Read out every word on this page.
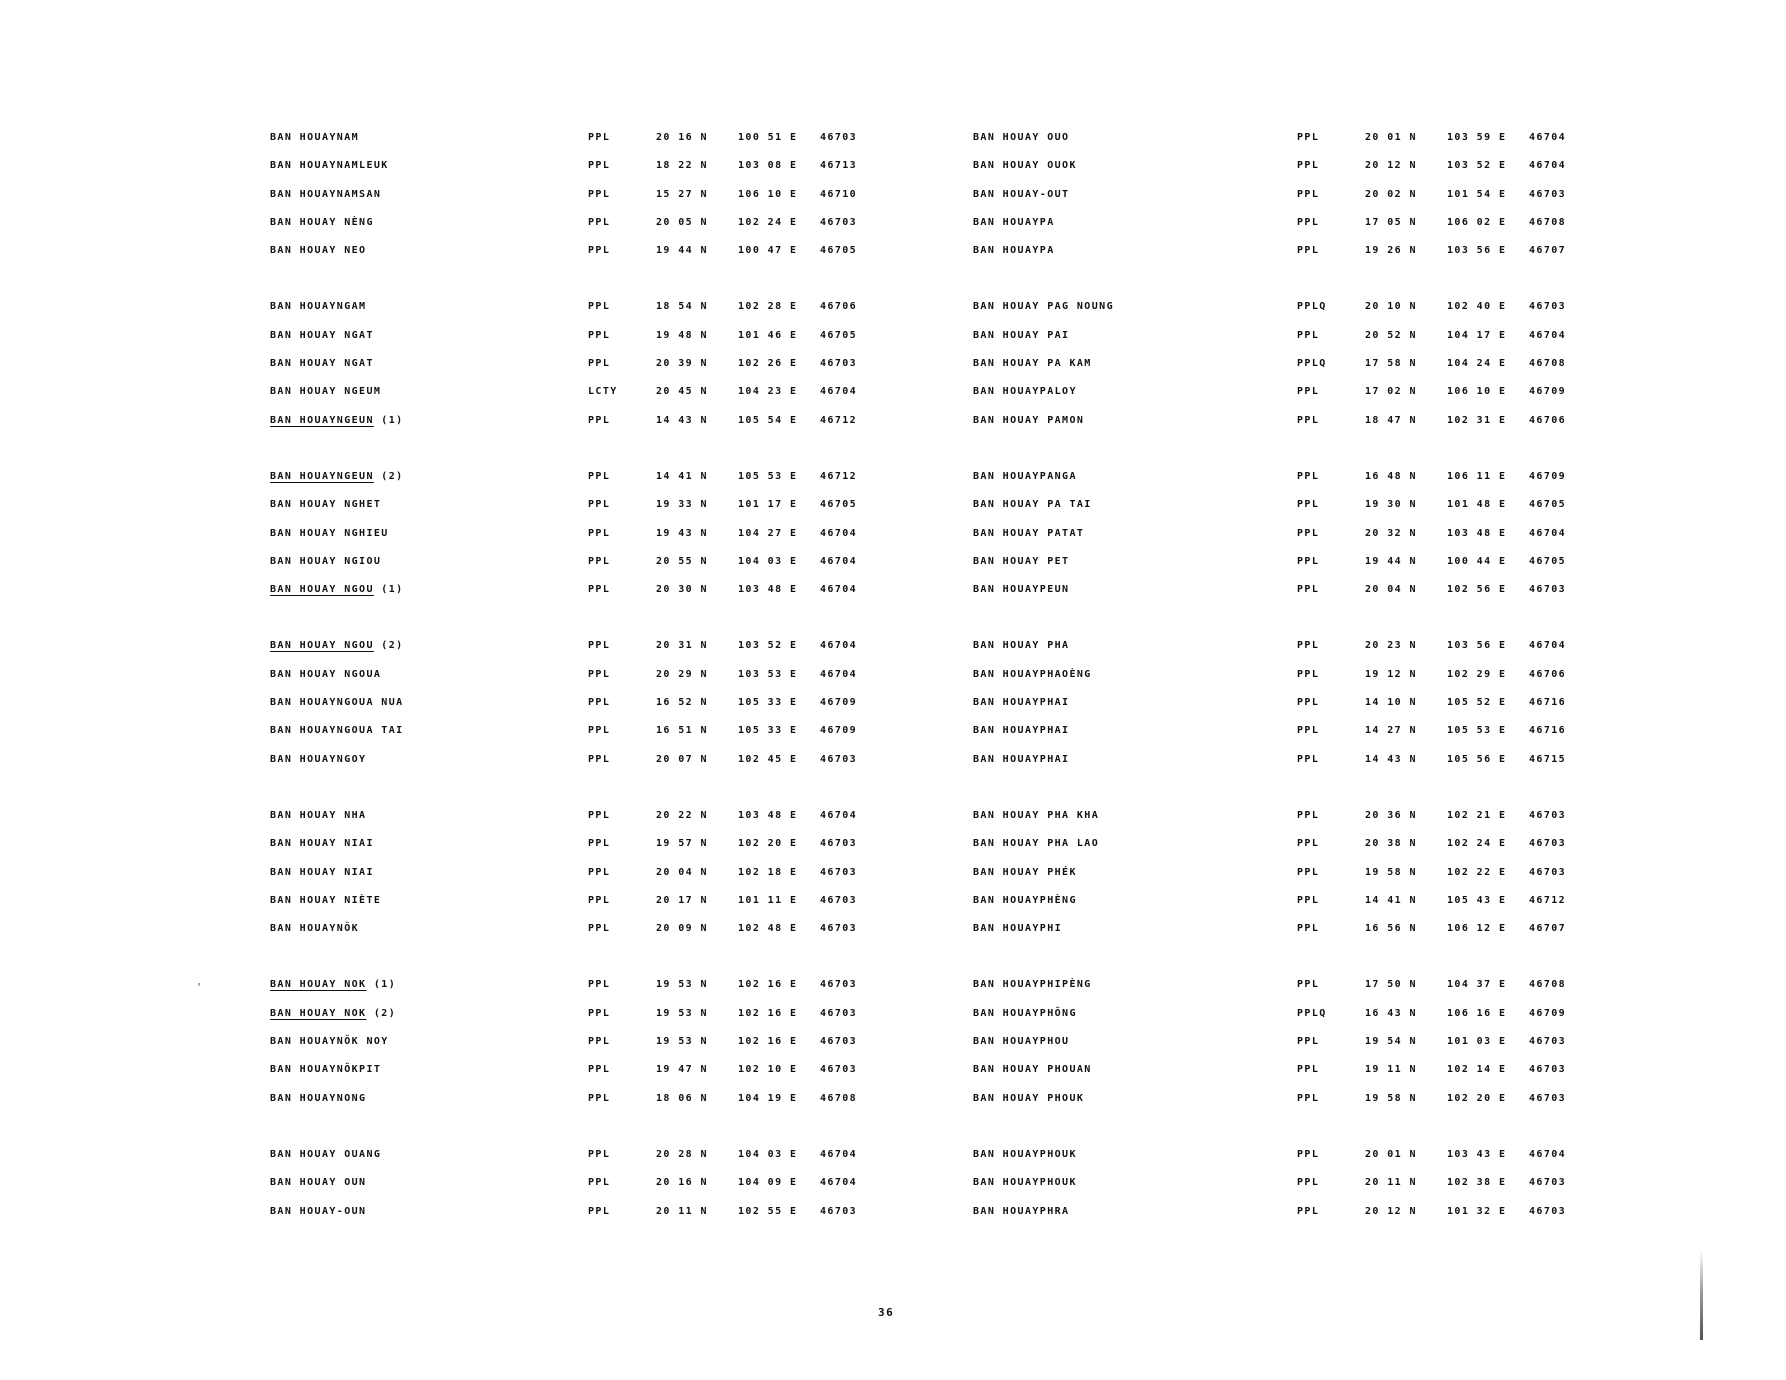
BAN HOUAYNAM	PPL	20 16 N	100 51 E 46703
BAN HOUAYNAMLEUK	PPL	18 22 N	103 08 E 46713
BAN HOUAYNAMSAN	PPL	15 27 N	106 10 E 46710
BAN HOUAY NÈNG	PPL	20 05 N	102 24 E 46703
BAN HOUAY NEO	PPL	19 44 N	100 47 E 46705
BAN HOUAYNGAM	PPL	18 54 N	102 28 E 46706
BAN HOUAY NGAT	PPL	19 48 N	101 46 E 46705
BAN HOUAY NGAT	PPL	20 39 N	102 26 E 46703
BAN HOUAY NGEUM	LCTY	20 45 N	104 23 E 46704
BAN HOUAYNGEUN (1)	PPL	14 43 N	105 54 E 46712
BAN HOUAYNGEUN (2)	PPL	14 41 N	105 53 E 46712
BAN HOUAY NGHET	PPL	19 33 N	101 17 E 46705
BAN HOUAY NGHIEU	PPL	19 43 N	104 27 E 46704
BAN HOUAY NGIOU	PPL	20 55 N	104 03 E 46704
BAN HOUAY NGOU (1)	PPL	20 30 N	103 48 E 46704
BAN HOUAY NGOU (2)	PPL	20 31 N	103 52 E 46704
BAN HOUAY NGOUA	PPL	20 29 N	103 53 E 46704
BAN HOUAYNGOUA NUA	PPL	16 52 N	105 33 E 46709
BAN HOUAYNGOUA TAI	PPL	16 51 N	105 33 E 46709
BAN HOUAYNGOY	PPL	20 07 N	102 45 E 46703
BAN HOUAY NHA	PPL	20 22 N	103 48 E 46704
BAN HOUAY NIAI	PPL	19 57 N	102 20 E 46703
BAN HOUAY NIAI	PPL	20 04 N	102 18 E 46703
BAN HOUAY NIÈTE	PPL	20 17 N	101 11 E 46703
BAN HOUAYNÔK	PPL	20 09 N	102 48 E 46703
BAN HOUAY NOK (1)	PPL	19 53 N	102 16 E 46703
BAN HOUAY NOK (2)	PPL	19 53 N	102 16 E 46703
BAN HOUAYNÔK NOY	PPL	19 53 N	102 16 E 46703
BAN HOUAYNÔKPIT	PPL	19 47 N	102 10 E 46703
BAN HOUAYNONG	PPL	18 06 N	104 19 E 46708
BAN HOUAY OUANG	PPL	20 28 N	104 03 E 46704
BAN HOUAY OUN	PPL	20 16 N	104 09 E 46704
BAN HOUAY-OUN	PPL	20 11 N	102 55 E 46703
BAN HOUAY OUO	PPL	20 01 N	103 59 E 46704
BAN HOUAY OUOK	PPL	20 12 N	103 52 E 46704
BAN HOUAY-OUT	PPL	20 02 N	101 54 E 46703
BAN HOUAYPA	PPL	17 05 N	106 02 E 46708
BAN HOUAYPA	PPL	19 26 N	103 56 E 46707
BAN HOUAY PAG NOUNG	PPLQ	20 10 N	102 40 E 46703
BAN HOUAY PAI	PPL	20 52 N	104 17 E 46704
BAN HOUAY PA KAM	PPLQ	17 58 N	104 24 E 46708
BAN HOUAYPALOY	PPL	17 02 N	106 10 E 46709
BAN HOUAY PAMON	PPL	18 47 N	102 31 E 46706
BAN HOUAYPANGA	PPL	16 48 N	106 11 E 46709
BAN HOUAY PA TAI	PPL	19 30 N	101 48 E 46705
BAN HOUAY PATAT	PPL	20 32 N	103 48 E 46704
BAN HOUAY PET	PPL	19 44 N	100 44 E 46705
BAN HOUAYPEUN	PPL	20 04 N	102 56 E 46703
BAN HOUAY PHA	PPL	20 23 N	103 56 E 46704
BAN HOUAYPHAOÈNG	PPL	19 12 N	102 29 E 46706
BAN HOUAYPHAI	PPL	14 10 N	105 52 E 46716
BAN HOUAYPHAI	PPL	14 27 N	105 53 E 46716
BAN HOUAYPHAI	PPL	14 43 N	105 56 E 46715
BAN HOUAY PHA KHA	PPL	20 36 N	102 21 E 46703
BAN HOUAY PHA LAO	PPL	20 38 N	102 24 E 46703
BAN HOUAY PHÉK	PPL	19 58 N	102 22 E 46703
BAN HOUAYPHÈNG	PPL	14 41 N	105 43 E 46712
BAN HOUAYPHI	PPL	16 56 N	106 12 E 46707
BAN HOUAYPHIPÈNG	PPL	17 50 N	104 37 E 46708
BAN HOUAYPHÔNG	PPLQ	16 43 N	106 16 E 46709
BAN HOUAYPHOU	PPL	19 54 N	101 03 E 46703
BAN HOUAY PHOUAN	PPL	19 11 N	102 14 E 46703
BAN HOUAY PHOUK	PPL	19 58 N	102 20 E 46703
BAN HOUAYPHOUK	PPL	20 01 N	103 43 E 46704
BAN HOUAYPHOUK	PPL	20 11 N	102 38 E 46703
BAN HOUAYPHRA	PPL	20 12 N	101 32 E 46703
'
36
